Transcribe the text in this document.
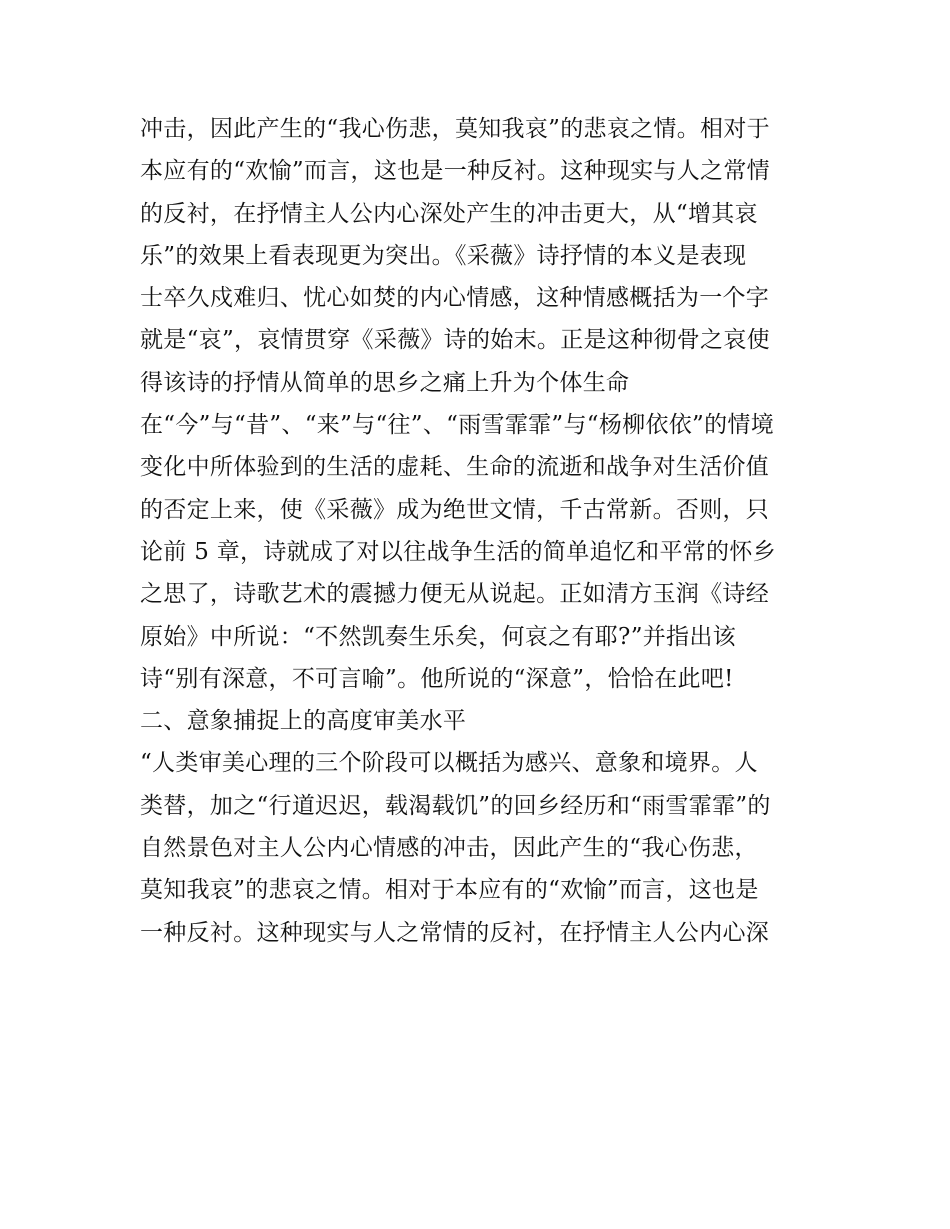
冲击，因此产生的“我心伤悲，莫知我哀”的悲哀之情。相对于
本应有的“欢愉”而言，这也是一种反衬。这种现实与人之常情
的反衬，在抒情主人公内心深处产生的冲击更大，从“增其哀
乐”的效果上看表现更为突出。《采薇》诗抒情的本义是表现
士卒久戍难归、忧心如焚的内心情感，这种情感概括为一个字
就是“哀”，哀情贯穿《采薇》诗的始末。正是这种彻骨之哀使
得该诗的抒情从简单的思乡之痛上升为个体生命
在“今”与“昔”、“来”与“往”、“雨雪霏霏”与“杨柳依依”的情境
变化中所体验到的生活的虚耗、生命的流逝和战争对生活价值
的否定上来，使《采薇》成为绝世文情，千古常新。否则，只
论前 5 章，诗就成了对以往战争生活的简单追忆和平常的怀乡
之思了，诗歌艺术的震撼力便无从说起。正如清方玉润《诗经
原始》中所说：“不然凯奏生乐矣，何哀之有耶?”并指出该
诗“别有深意，不可言喻”。他所说的“深意”，恰恰在此吧!
二、意象捕捉上的高度审美水平
“人类审美心理的三个阶段可以概括为感兴、意象和境界。人
类替，加之“行道迟迟，载渴载饥”的回乡经历和“雨雪霏霏”的
自然景色对主人公内心情感的冲击，因此产生的“我心伤悲，
莫知我哀”的悲哀之情。相对于本应有的“欢愉”而言，这也是
一种反衬。这种现实与人之常情的反衬，在抒情主人公内心深
